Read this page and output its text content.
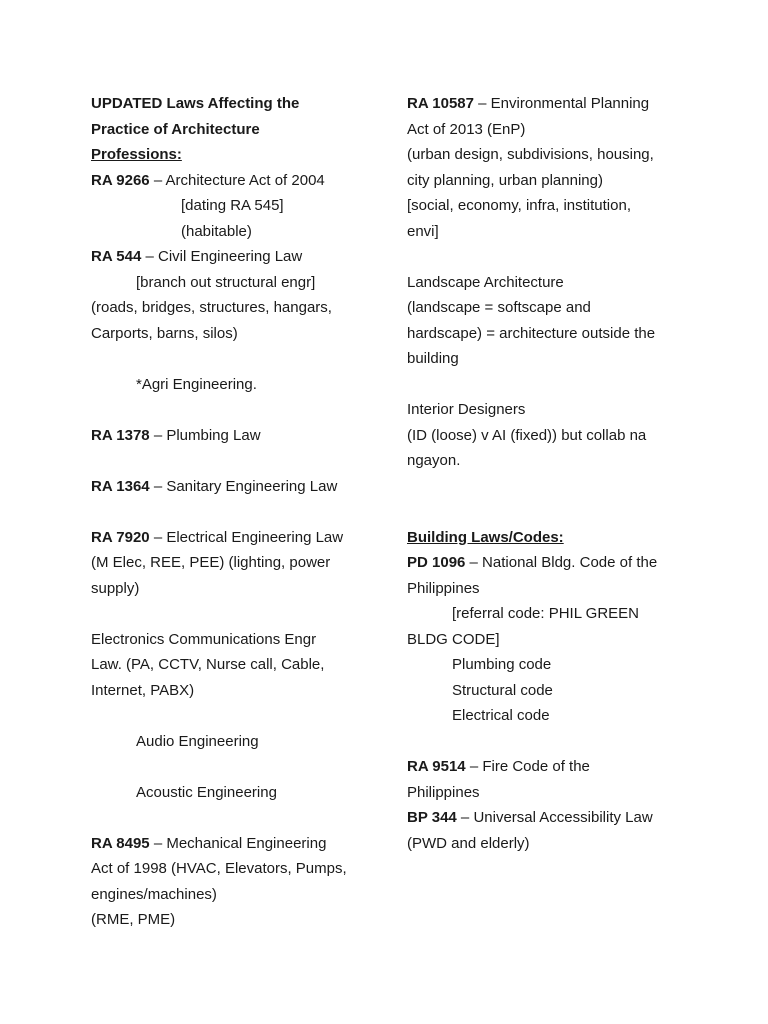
UPDATED Laws Affecting the
Practice of Architecture
Professions:
RA 9266 – Architecture Act of 2004
[dating RA 545]
(habitable)
RA 544 – Civil Engineering Law
[branch out structural engr]
(roads, bridges, structures, hangars,
Carports, barns, silos)
*Agri Engineering.
RA 1378 – Plumbing Law
RA 1364 – Sanitary Engineering Law
RA 7920 – Electrical Engineering Law
(M Elec, REE, PEE) (lighting, power
supply)
Electronics Communications Engr
Law. (PA, CCTV, Nurse call, Cable,
Internet, PABX)
Audio Engineering
Acoustic Engineering
RA 8495 – Mechanical Engineering
Act of 1998 (HVAC, Elevators, Pumps,
engines/machines)
(RME, PME)
RA 10587 – Environmental Planning
Act of 2013 (EnP)
(urban design, subdivisions, housing,
city planning, urban planning)
[social, economy, infra, institution,
envi]
Landscape Architecture
(landscape = softscape and
hardscape) = architecture outside the
building
Interior Designers
(ID (loose) v AI (fixed)) but collab na
ngayon.
Building Laws/Codes:
PD 1096 – National Bldg. Code of the
Philippines
[referral code: PHIL GREEN
BLDG CODE]
Plumbing code
Structural code
Electrical code
RA 9514 – Fire Code of the
Philippines
BP 344 – Universal Accessibility Law
(PWD and elderly)
